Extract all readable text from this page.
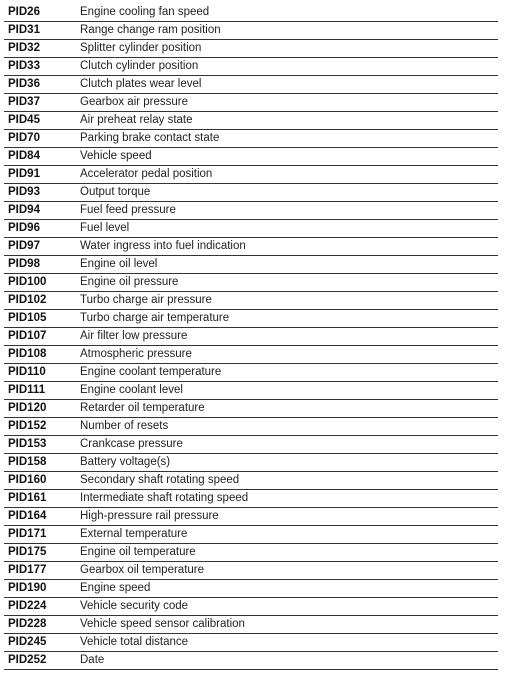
PID26	Engine cooling fan speed
PID31	Range change ram position
PID32	Splitter cylinder position
PID33	Clutch cylinder position
PID36	Clutch plates wear level
PID37	Gearbox air pressure
PID45	Air preheat relay state
PID70	Parking brake contact state
PID84	Vehicle speed
PID91	Accelerator pedal position
PID93	Output torque
PID94	Fuel feed pressure
PID96	Fuel level
PID97	Water ingress into fuel indication
PID98	Engine oil level
PID100	Engine oil pressure
PID102	Turbo charge air pressure
PID105	Turbo charge air temperature
PID107	Air filter low pressure
PID108	Atmospheric pressure
PID110	Engine coolant temperature
PID111	Engine coolant level
PID120	Retarder oil temperature
PID152	Number of resets
PID153	Crankcase pressure
PID158	Battery voltage(s)
PID160	Secondary shaft rotating speed
PID161	Intermediate shaft rotating speed
PID164	High-pressure rail pressure
PID171	External temperature
PID175	Engine oil temperature
PID177	Gearbox oil temperature
PID190	Engine speed
PID224	Vehicle security code
PID228	Vehicle speed sensor calibration
PID245	Vehicle total distance
PID252	Date
